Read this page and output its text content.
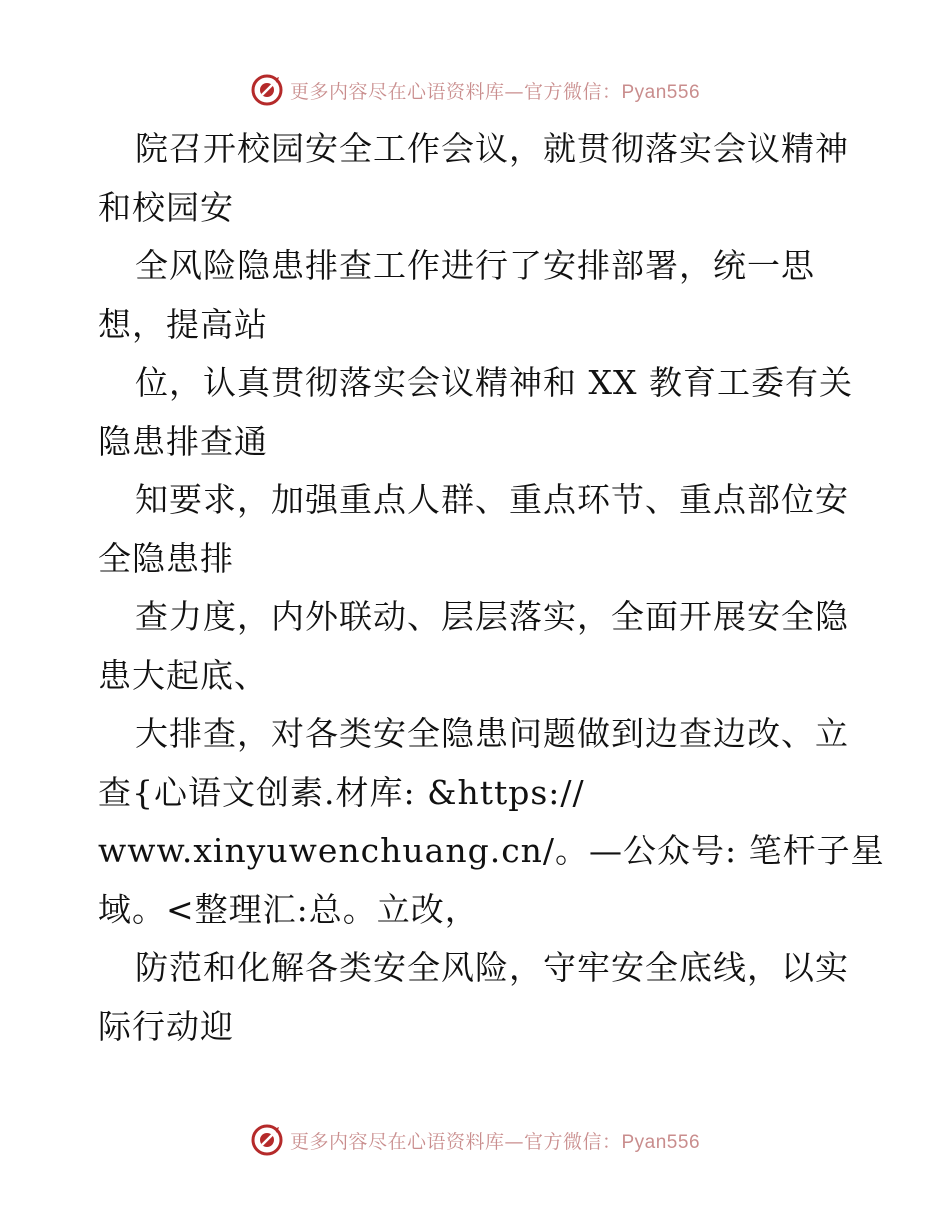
更多内容尽在心语资料库—官方微信：Pyan556
院召开校园安全工作会议，就贯彻落实会议精神
和校园安
全风险隐患排查工作进行了安排部署，统一思
想，提高站
位，认真贯彻落实会议精神和 XX 教育工委有关
隐患排查通
知要求，加强重点人群、重点环节、重点部位安
全隐患排
查力度，内外联动、层层落实，全面开展安全隐
患大起底、
大排查，对各类安全隐患问题做到边查边改、立
查{心语文创素.材库: &https://
www.xinyuwenchuang.cn/。—公众号: 笔杆子星
域。<整理汇:总。立改，
防范和化解各类安全风险，守牢安全底线，以实
际行动迎
更多内容尽在心语资料库—官方微信：Pyan556
